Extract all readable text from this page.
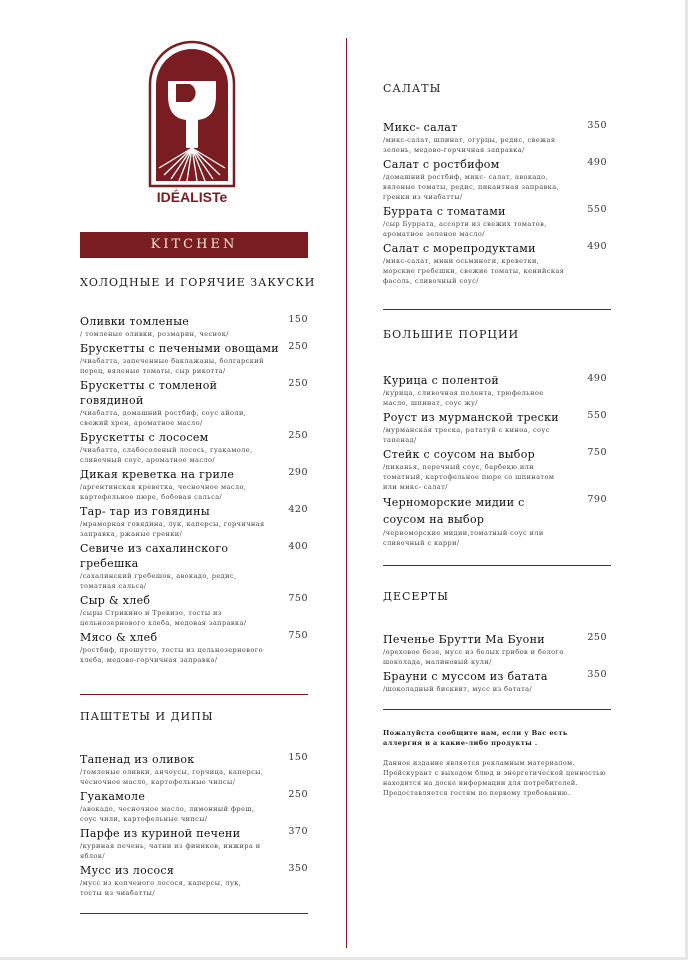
IDÉALISTe
KITCHEN
ХОЛОДНЫЕ И ГОРЯЧИЕ ЗАКУСКИ
Оливки томленые	150
/ томленые оливки, розмарин, чеснок/
Брускетты с печеными овощами 250
/чиабатта, запеченные баклажаны, болгарский перец, вяленые томаты, сыр рикотта/
Брускетты с томленой говядиной
250
/чиабатта, домашний ростбиф, соус айоли, свежий хрен, ароматное масло/
Брускетты с лососем	250
/чиабатта, слабосоленый лосось, гуакамоле, сливочный соус, ароматное масло/
Дикая креветка на гриле	290
/аргентинская креветка, чесночное масло, картофельное пюре, бобовая сальса/
Тар- тар из говядины	420
/мраморная говядина, лук, каперсы, горчичная заправка, ржаные гренки/
Севиче из сахалинского гребешка
400
/сахалинский гребешок, авокадо, редис, томатная сальса/
Сыр & хлеб	750
/сыры Стрикино и Тревизо, тосты из цельнозернового хлеба, медовая заправка/
Мясо & хлеб	750
/ростбиф, прошутто, тосты из цельнозернового хлеба, медово-горчичная заправка/
ПАШТЕТЫ И ДИПЫ
Тапенад из оливок	150
/томленые оливки, анчоусы, горчица, каперсы, чесночное масло, картофельные чипсы/
Гуакамоле	250
/авокадо, чесночное масло, лимонный фреш, соус чили, картофельные чипсы/
Парфе из куриной печени	370
/куриная печень, чатни из фиников, инжира и яблок/
Мусс из лосося	350
/мусс из копченого лосося, каперсы, лук, тосты из чиабатты/
САЛАТЫ
Микс- салат	350
/микс-салат, шпинат, огурцы, редис, свежая зелень, медово-горчичная заправка/
Салат с ростбифом	490
/домашний ростбиф, микс- салат, авокадо, вяленые томаты, редис, пикантная заправка, гренки из чиабатты/
Буррата с томатами	550
/сыр Буррата, ассорти из свежих томатов, ароматное зеленое масло/
Салат с морепродуктами	490
/микс-салат, мини осьминоги, креветки, морские гребешки, свежие томаты, кенийская фасоль, сливочный соус/
БОЛЬШИЕ ПОРЦИИ
Курица с полентой	490
/курица, сливочная полента, трюфельное масло, шпинат, соус жу/
Роуст из мурманской трески	550
/мурманская треска, рататуй с киноа, соус тапенад/
Стейк с соусом на выбор	750
/пиканья, перечный соус, барбекю или томатный, картофельное пюре со шпинатом или микс- салат/
Черноморские мидии с соусом на выбор
790
/черноморские мидии,томатный соус или сливочный с карри/
ДЕСЕРТЫ
Печенье Брутти Ма Буони	250
/ореховое безе, мусс из белых грибов и белого шоколада, малиновый кули/
Брауни с муссом из батата	350
/шоколадный бисквит, мусс из батата/
Пожалуйста сообщите нам, если у Вас есть аллергия и а какие-либо продукты .
Данное издание является рекламным материалом. Прейскурант с выходом блюд и энергетической ценностью находится на доске информации для потребителей. Предоставляется гостям по первому требованию.
